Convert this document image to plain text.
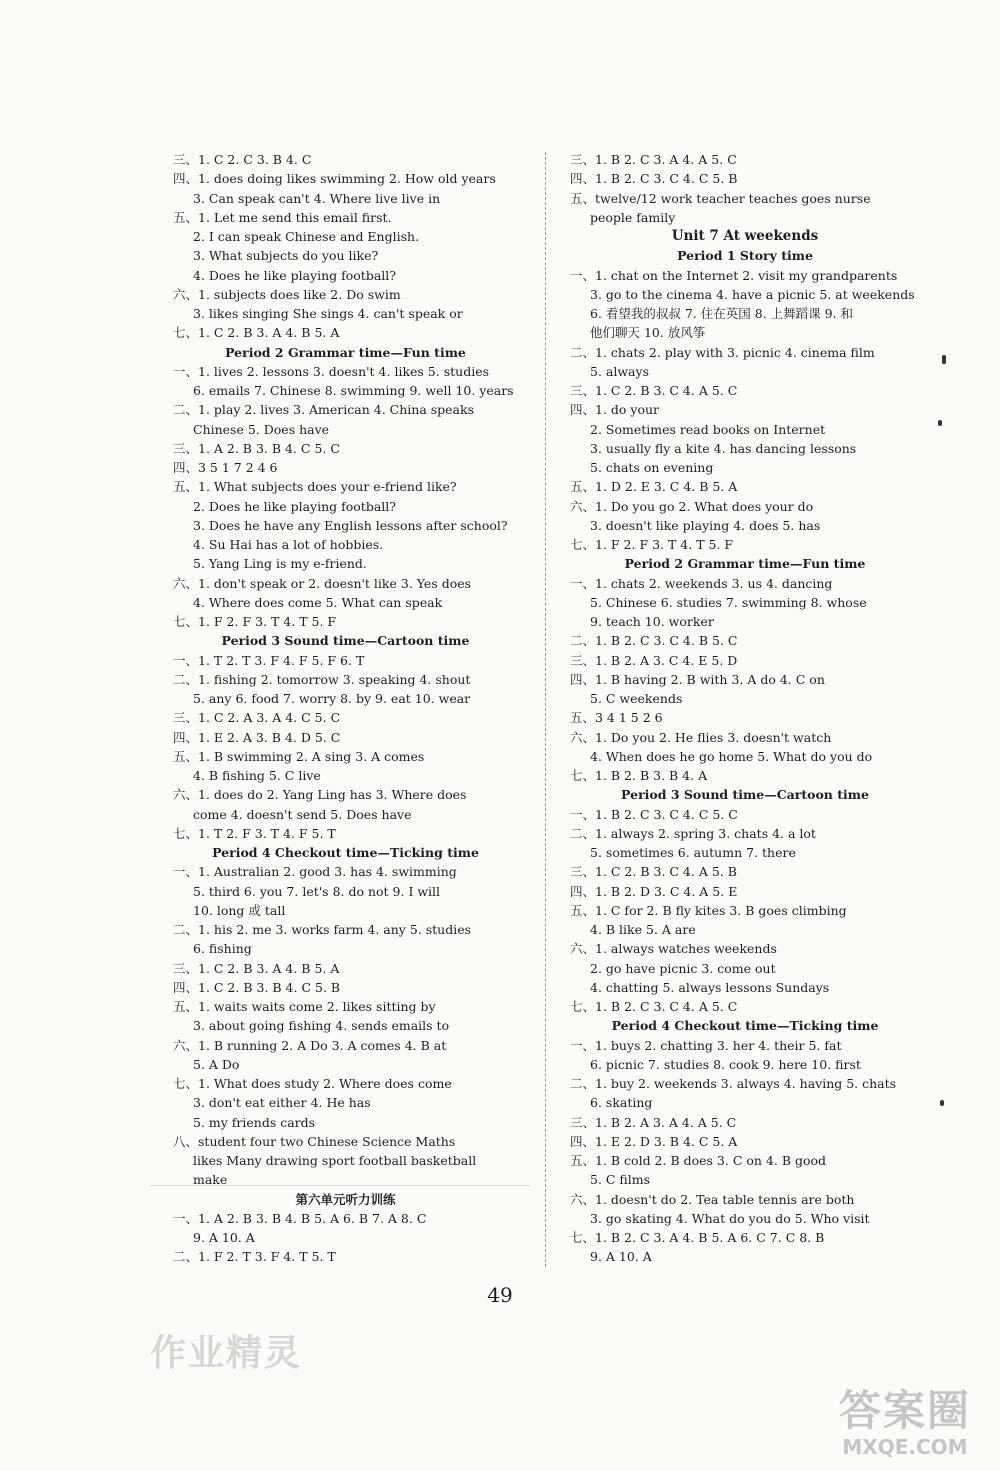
三、1. C 2. C 3. B 4. C
四、1. does doing likes swimming 2. How old years
3. Can speak can't 4. Where live live in
五、1. Let me send this email first.
2. I can speak Chinese and English.
3. What subjects do you like?
4. Does he like playing football?
六、1. subjects does like 2. Do swim
3. likes singing She sings 4. can't speak or
七、1. C 2. B 3. A 4. B 5. A
Period 2 Grammar time—Fun time
一、1. lives 2. lessons 3. doesn't 4. likes 5. studies
6. emails 7. Chinese 8. swimming 9. well 10. years
二、1. play 2. lives 3. American 4. China speaks
Chinese 5. Does have
三、1. A 2. B 3. B 4. C 5. C
四、3 5 1 7 2 4 6
五、1. What subjects does your e-friend like?
2. Does he like playing football?
3. Does he have any English lessons after school?
4. Su Hai has a lot of hobbies.
5. Yang Ling is my e-friend.
六、1. don't speak or 2. doesn't like 3. Yes does
4. Where does come 5. What can speak
七、1. F 2. F 3. T 4. T 5. F
Period 3 Sound time—Cartoon time
一、1. T 2. T 3. F 4. F 5. F 6. T
二、1. fishing 2. tomorrow 3. speaking 4. shout
5. any 6. food 7. worry 8. by 9. eat 10. wear
三、1. C 2. A 3. A 4. C 5. C
四、1. E 2. A 3. B 4. D 5. C
五、1. B swimming 2. A sing 3. A comes
4. B fishing 5. C live
六、1. does do 2. Yang Ling has 3. Where does
come 4. doesn't send 5. Does have
七、1. T 2. F 3. T 4. F 5. T
Period 4 Checkout time—Ticking time
一、1. Australian 2. good 3. has 4. swimming
5. third 6. you 7. let's 8. do not 9. I will
10. long 或 tall
二、1. his 2. me 3. works farm 4. any 5. studies
6. fishing
三、1. C 2. B 3. A 4. B 5. A
四、1. C 2. B 3. B 4. C 5. B
五、1. waits waits come 2. likes sitting by
3. about going fishing 4. sends emails to
六、1. B running 2. A Do 3. A comes 4. B at
5. A Do
七、1. What does study 2. Where does come
3. don't eat either 4. He has
5. my friends cards
八、student four two Chinese Science Maths
likes Many drawing sport football basketball
make
第六单元听力训练
一、1. A 2. B 3. B 4. B 5. A 6. B 7. A 8. C
9. A 10. A
二、1. F 2. T 3. F 4. T 5. T
三、1. B 2. C 3. A 4. A 5. C
四、1. B 2. C 3. C 4. C 5. B
五、twelve/12 work teacher teaches goes nurse
people family
Unit 7 At weekends
Period 1 Story time
一、1. chat on the Internet 2. visit my grandparents
3. go to the cinema 4. have a picnic 5. at weekends
6. 看望我的叔叔 7. 住在英国 8. 上舞蹈课 9. 和
他们聊天 10. 放风筝
二、1. chats 2. play with 3. picnic 4. cinema film
5. always
三、1. C 2. B 3. C 4. A 5. C
四、1. do your
2. Sometimes read books on Internet
3. usually fly a kite 4. has dancing lessons
5. chats on evening
五、1. D 2. E 3. C 4. B 5. A
六、1. Do you go 2. What does your do
3. doesn't like playing 4. does 5. has
七、1. F 2. F 3. T 4. T 5. F
Period 2 Grammar time—Fun time
一、1. chats 2. weekends 3. us 4. dancing
5. Chinese 6. studies 7. swimming 8. whose
9. teach 10. worker
二、1. B 2. C 3. C 4. B 5. C
三、1. B 2. A 3. C 4. E 5. D
四、1. B having 2. B with 3. A do 4. C on
5. C weekends
五、3 4 1 5 2 6
六、1. Do you 2. He flies 3. doesn't watch
4. When does he go home 5. What do you do
七、1. B 2. B 3. B 4. A
Period 3 Sound time—Cartoon time
一、1. B 2. C 3. C 4. C 5. C
二、1. always 2. spring 3. chats 4. a lot
5. sometimes 6. autumn 7. there
三、1. C 2. B 3. C 4. A 5. B
四、1. B 2. D 3. C 4. A 5. E
五、1. C for 2. B fly kites 3. B goes climbing
4. B like 5. A are
六、1. always watches weekends
2. go have picnic 3. come out
4. chatting 5. always lessons Sundays
七、1. B 2. C 3. C 4. A 5. C
Period 4 Checkout time—Ticking time
一、1. buys 2. chatting 3. her 4. their 5. fat
6. picnic 7. studies 8. cook 9. here 10. first
二、1. buy 2. weekends 3. always 4. having 5. chats
6. skating
三、1. B 2. A 3. A 4. A 5. C
四、1. E 2. D 3. B 4. C 5. A
五、1. B cold 2. B does 3. C on 4. B good
5. C films
六、1. doesn't do 2. Tea table tennis are both
3. go skating 4. What do you do 5. Who visit
七、1. B 2. C 3. A 4. B 5. A 6. C 7. C 8. B
9. A 10. A
49
作业精灵
答案圈
MXQE.COM
